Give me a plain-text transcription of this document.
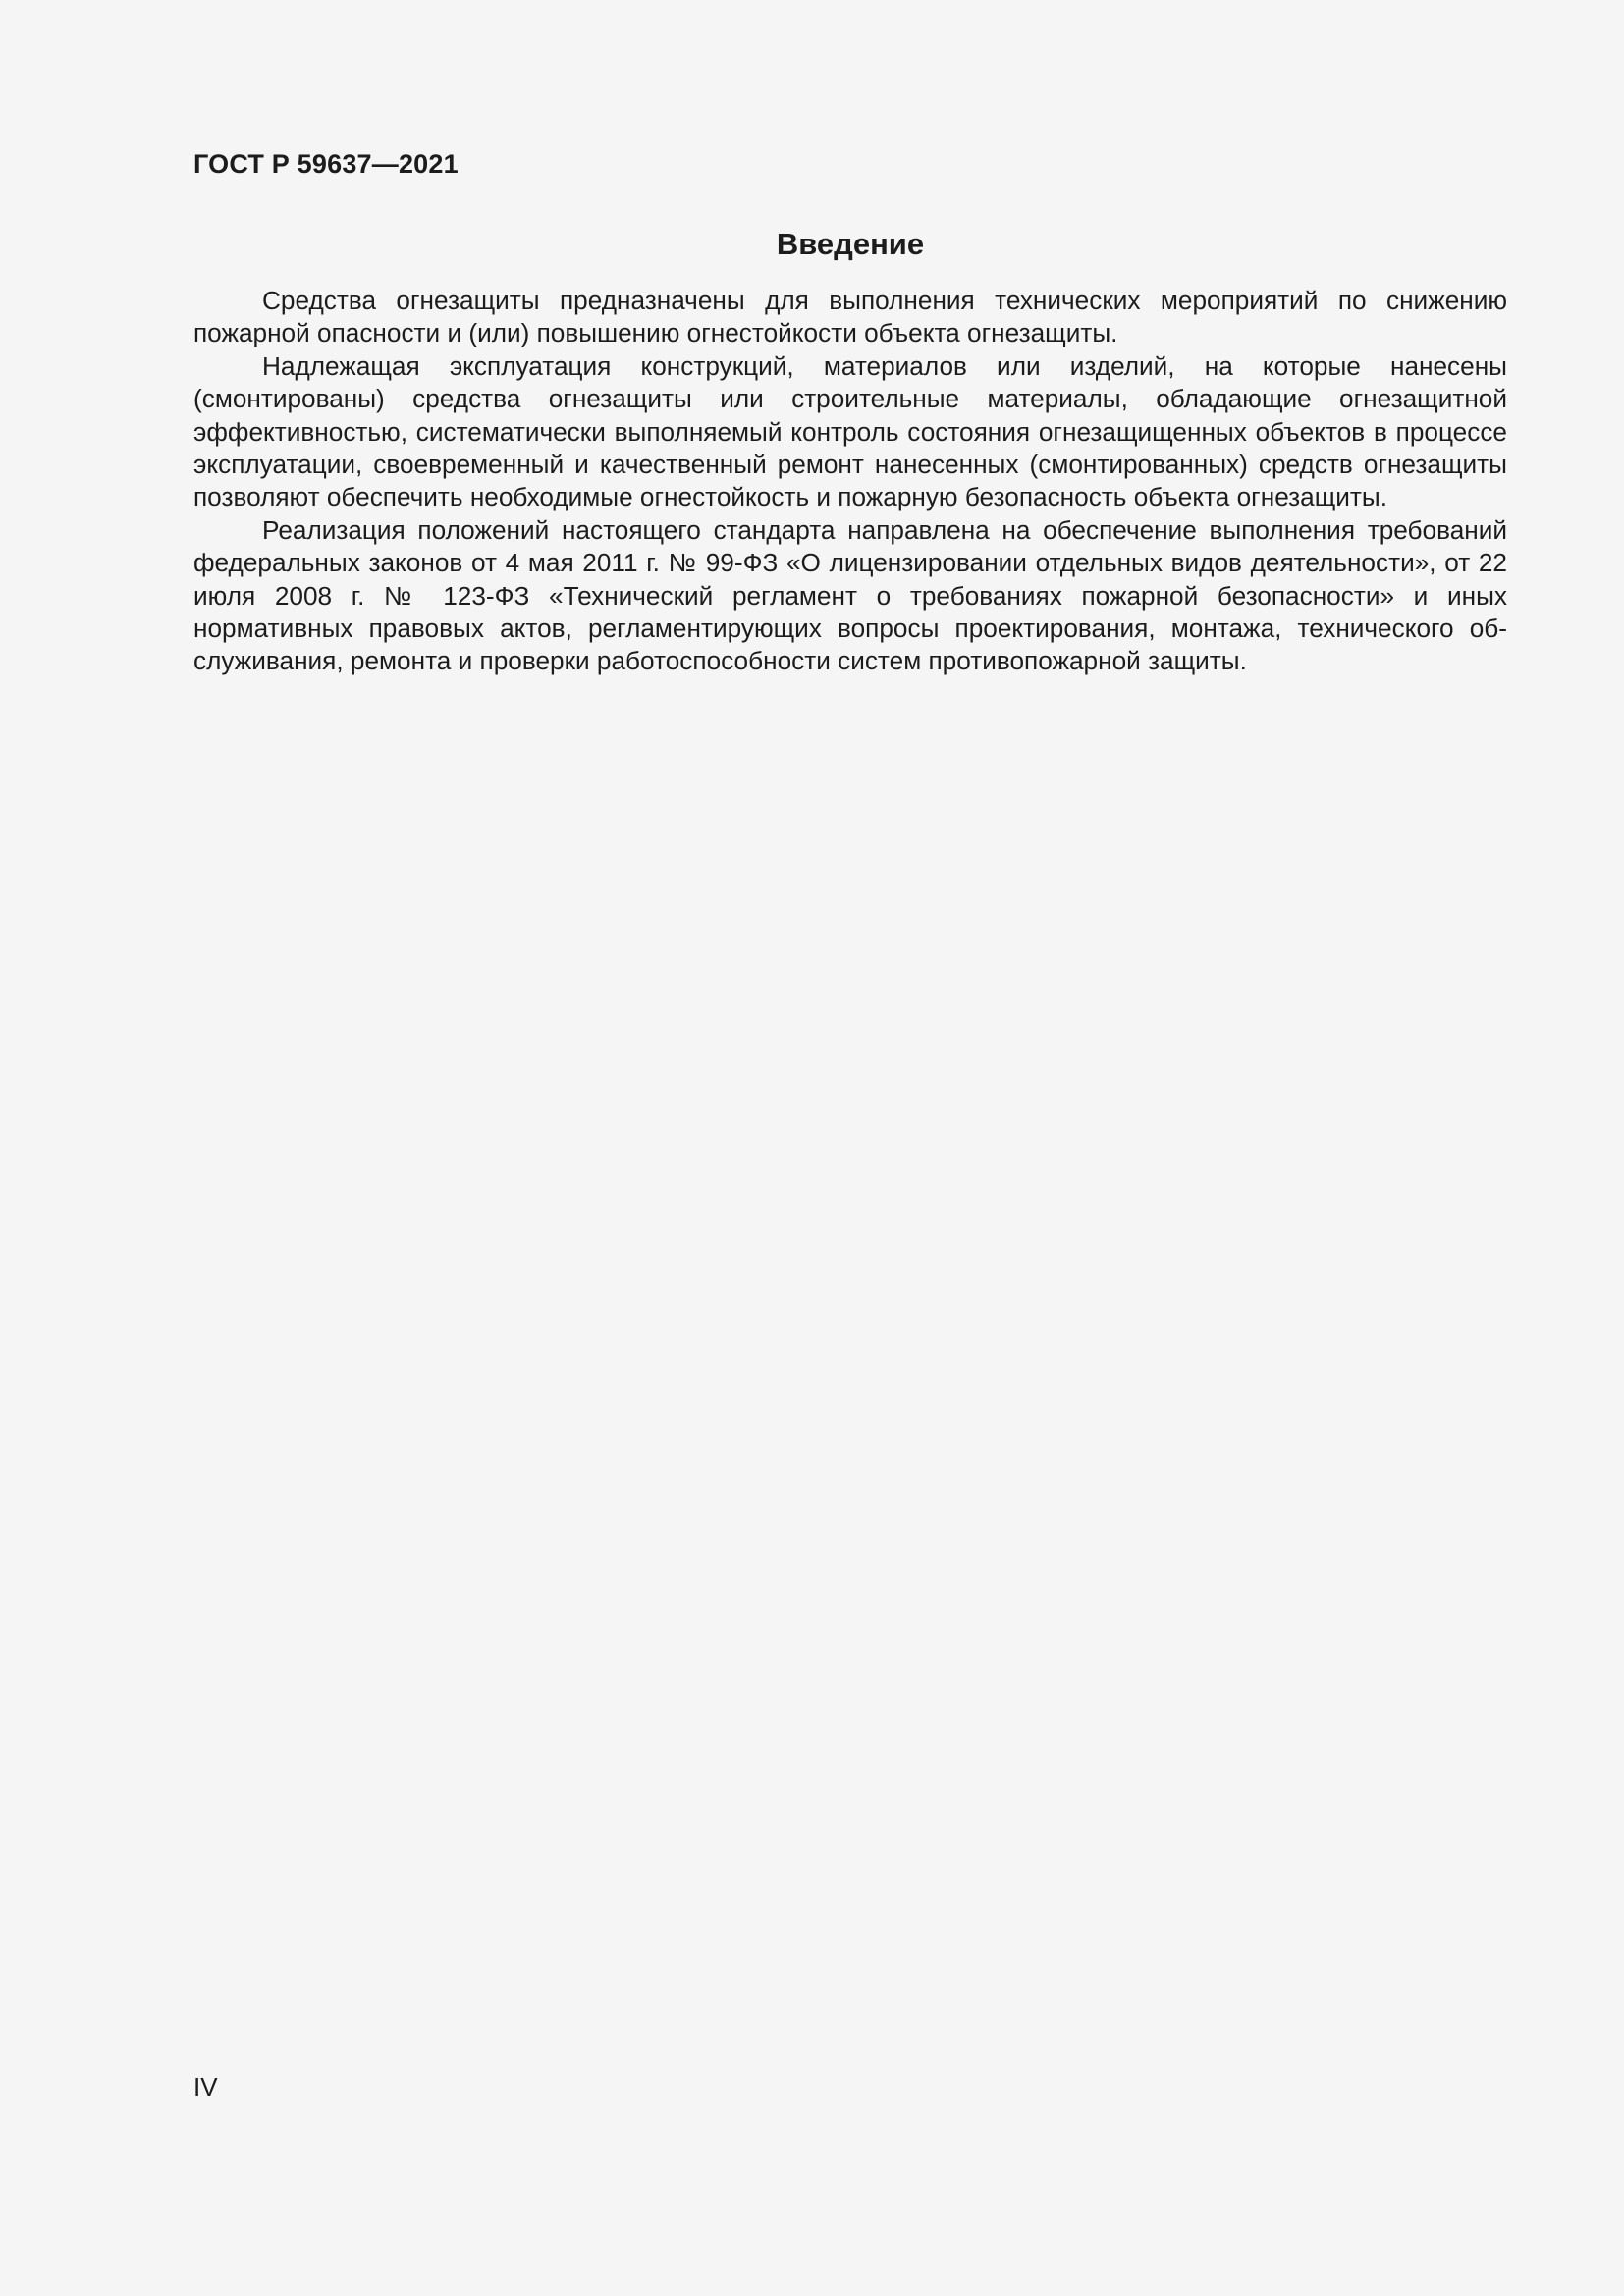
ГОСТ Р 59637—2021
Введение

Средства огнезащиты предназначены для выполнения технических мероприятий по снижению пожарной опасности и (или) повышению огнестойкости объекта огнезащиты.

Надлежащая эксплуатация конструкций, материалов или изделий, на которые нанесены (смонтированы) средства огнезащиты или строительные материалы, обладающие огнезащитной эффективностью, систематически выполняемый контроль состояния огнезащищенных объектов в процессе эксплуатации, своевременный и качественный ремонт нанесенных (смонтированных) средств огнезащиты позволяют обеспечить необходимые огнестойкость и пожарную безопасность объекта огнезащиты.

Реализация положений настоящего стандарта направлена на обеспечение выполнения требований федеральных законов от 4 мая 2011 г. № 99-ФЗ «О лицензировании отдельных видов деятельности», от 22 июля 2008 г. № 123-ФЗ «Технический регламент о требованиях пожарной безопасности» и иных нормативных правовых актов, регламентирующих вопросы проектирования, монтажа, технического обслуживания, ремонта и проверки работоспособности систем противопожарной защиты.

IV
